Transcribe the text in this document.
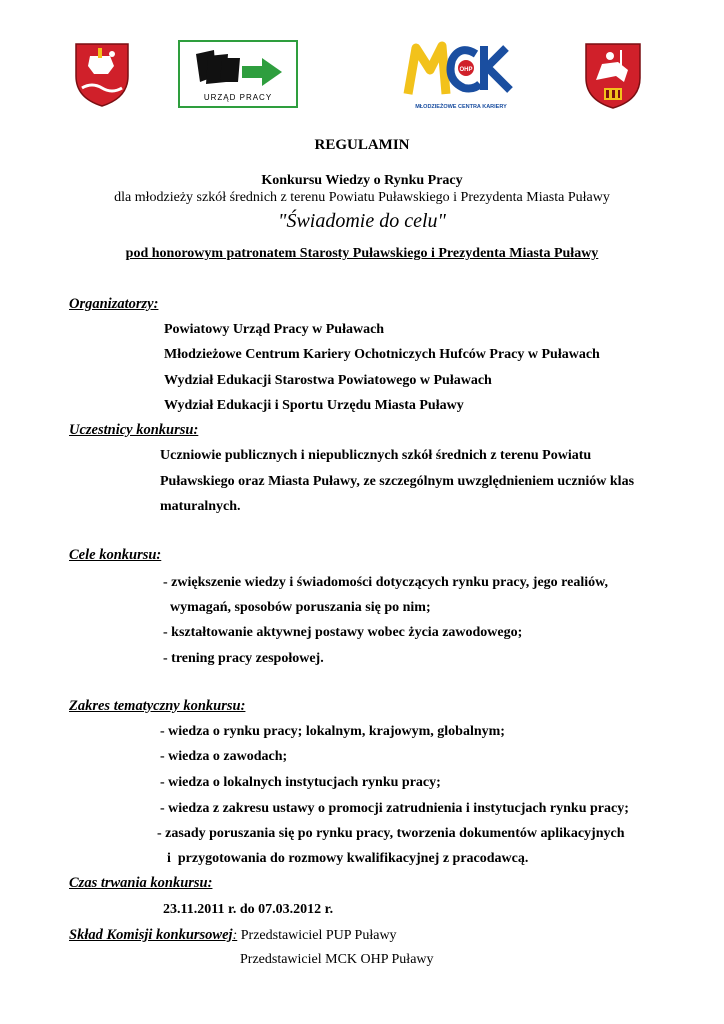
URZĄD PRACY
OHP
MŁODZIEŻOWE CENTRA KARIERY
REGULAMIN
Konkursu Wiedzy o Rynku Pracy
dla młodzieży szkół średnich z terenu Powiatu Puławskiego i Prezydenta Miasta Puławy
"Świadomie do celu"
pod honorowym patronatem Starosty Puławskiego i Prezydenta Miasta Puławy
Organizatorzy:
Powiatowy Urząd Pracy w Puławach
Młodzieżowe Centrum Kariery Ochotniczych Hufców Pracy w Puławach
Wydział Edukacji Starostwa Powiatowego w Puławach
Wydział Edukacji i Sportu Urzędu Miasta Puławy
Uczestnicy konkursu:
Uczniowie publicznych i niepublicznych szkół średnich z terenu Powiatu
Puławskiego oraz Miasta Puławy, ze szczególnym uwzględnieniem uczniów klas
maturalnych.
Cele konkursu:
- zwiększenie wiedzy i świadomości dotyczących rynku pracy, jego realiów,
wymagań, sposobów poruszania się po nim;
- kształtowanie aktywnej postawy wobec życia zawodowego;
- trening pracy zespołowej.
Zakres tematyczny konkursu:
- wiedza o rynku pracy; lokalnym, krajowym, globalnym;
- wiedza o zawodach;
- wiedza o lokalnych instytucjach rynku pracy;
- wiedza z zakresu ustawy o promocji zatrudnienia i instytucjach rynku pracy;
- zasady poruszania się po rynku pracy, tworzenia dokumentów aplikacyjnych
i  przygotowania do rozmowy kwalifikacyjnej z pracodawcą.
Czas trwania konkursu:
23.11.2011 r. do 07.03.2012 r.
Skład Komisji konkursowej: Przedstawiciel PUP Puławy
Przedstawiciel MCK OHP Puławy
